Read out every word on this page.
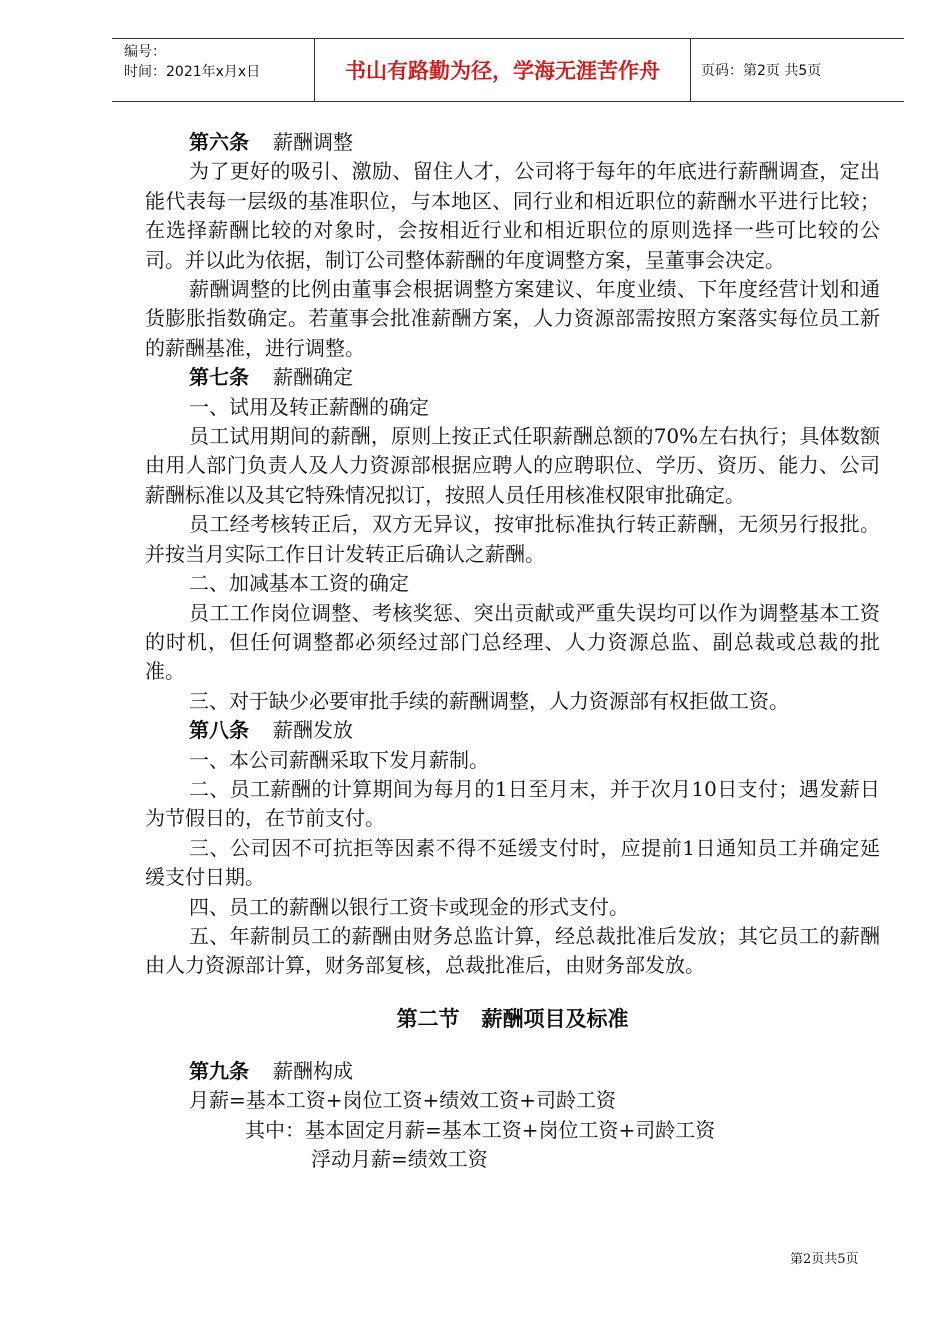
编号：
时间：2021年x月x日	书山有路勤为径，学海无涯苦作舟	页码：第2页 共5页

第六条 薪酬调整

为了更好的吸引、激励、留住人才，公司将于每年的年底进行薪酬调查，定出能代表每一层级的基准职位，与本地区、同行业和相近职位的薪酬水平进行比较；在选择薪酬比较的对象时，会按相近行业和相近职位的原则选择一些可比较的公司。并以此为依据，制订公司整体薪酬的年度调整方案，呈董事会决定。

薪酬调整的比例由董事会根据调整方案建议、年度业绩、下年度经营计划和通货膨胀指数确定。若董事会批准薪酬方案，人力资源部需按照方案落实每位员工新的薪酬基准，进行调整。

第七条 薪酬确定

一、试用及转正薪酬的确定

员工试用期间的薪酬，原则上按正式任职薪酬总额的70%左右执行；具体数额由用人部门负责人及人力资源部根据应聘人的应聘职位、学历、资历、能力、公司薪酬标准以及其它特殊情况拟订，按照人员任用核准权限审批确定。

员工经考核转正后，双方无异议，按审批标准执行转正薪酬，无须另行报批。并按当月实际工作日计发转正后确认之薪酬。

二、加减基本工资的确定

员工工作岗位调整、考核奖惩、突出贡献或严重失误均可以作为调整基本工资的时机，但任何调整都必须经过部门总经理、人力资源总监、副总裁或总裁的批准。

三、对于缺少必要审批手续的薪酬调整，人力资源部有权拒做工资。

第八条 薪酬发放

一、本公司薪酬采取下发月薪制。

二、员工薪酬的计算期间为每月的1日至月末，并于次月10日支付；遇发薪日为节假日的，在节前支付。

三、公司因不可抗拒等因素不得不延缓支付时，应提前1日通知员工并确定延缓支付日期。

四、员工的薪酬以银行工资卡或现金的形式支付。

五、年薪制员工的薪酬由财务总监计算，经总裁批准后发放；其它员工的薪酬由人力资源部计算，财务部复核，总裁批准后，由财务部发放。

第二节 薪酬项目及标准

第九条 薪酬构成

月薪=基本工资+岗位工资+绩效工资+司龄工资

其中：基本固定月薪=基本工资+岗位工资+司龄工资

浮动月薪=绩效工资

第2页共5页
